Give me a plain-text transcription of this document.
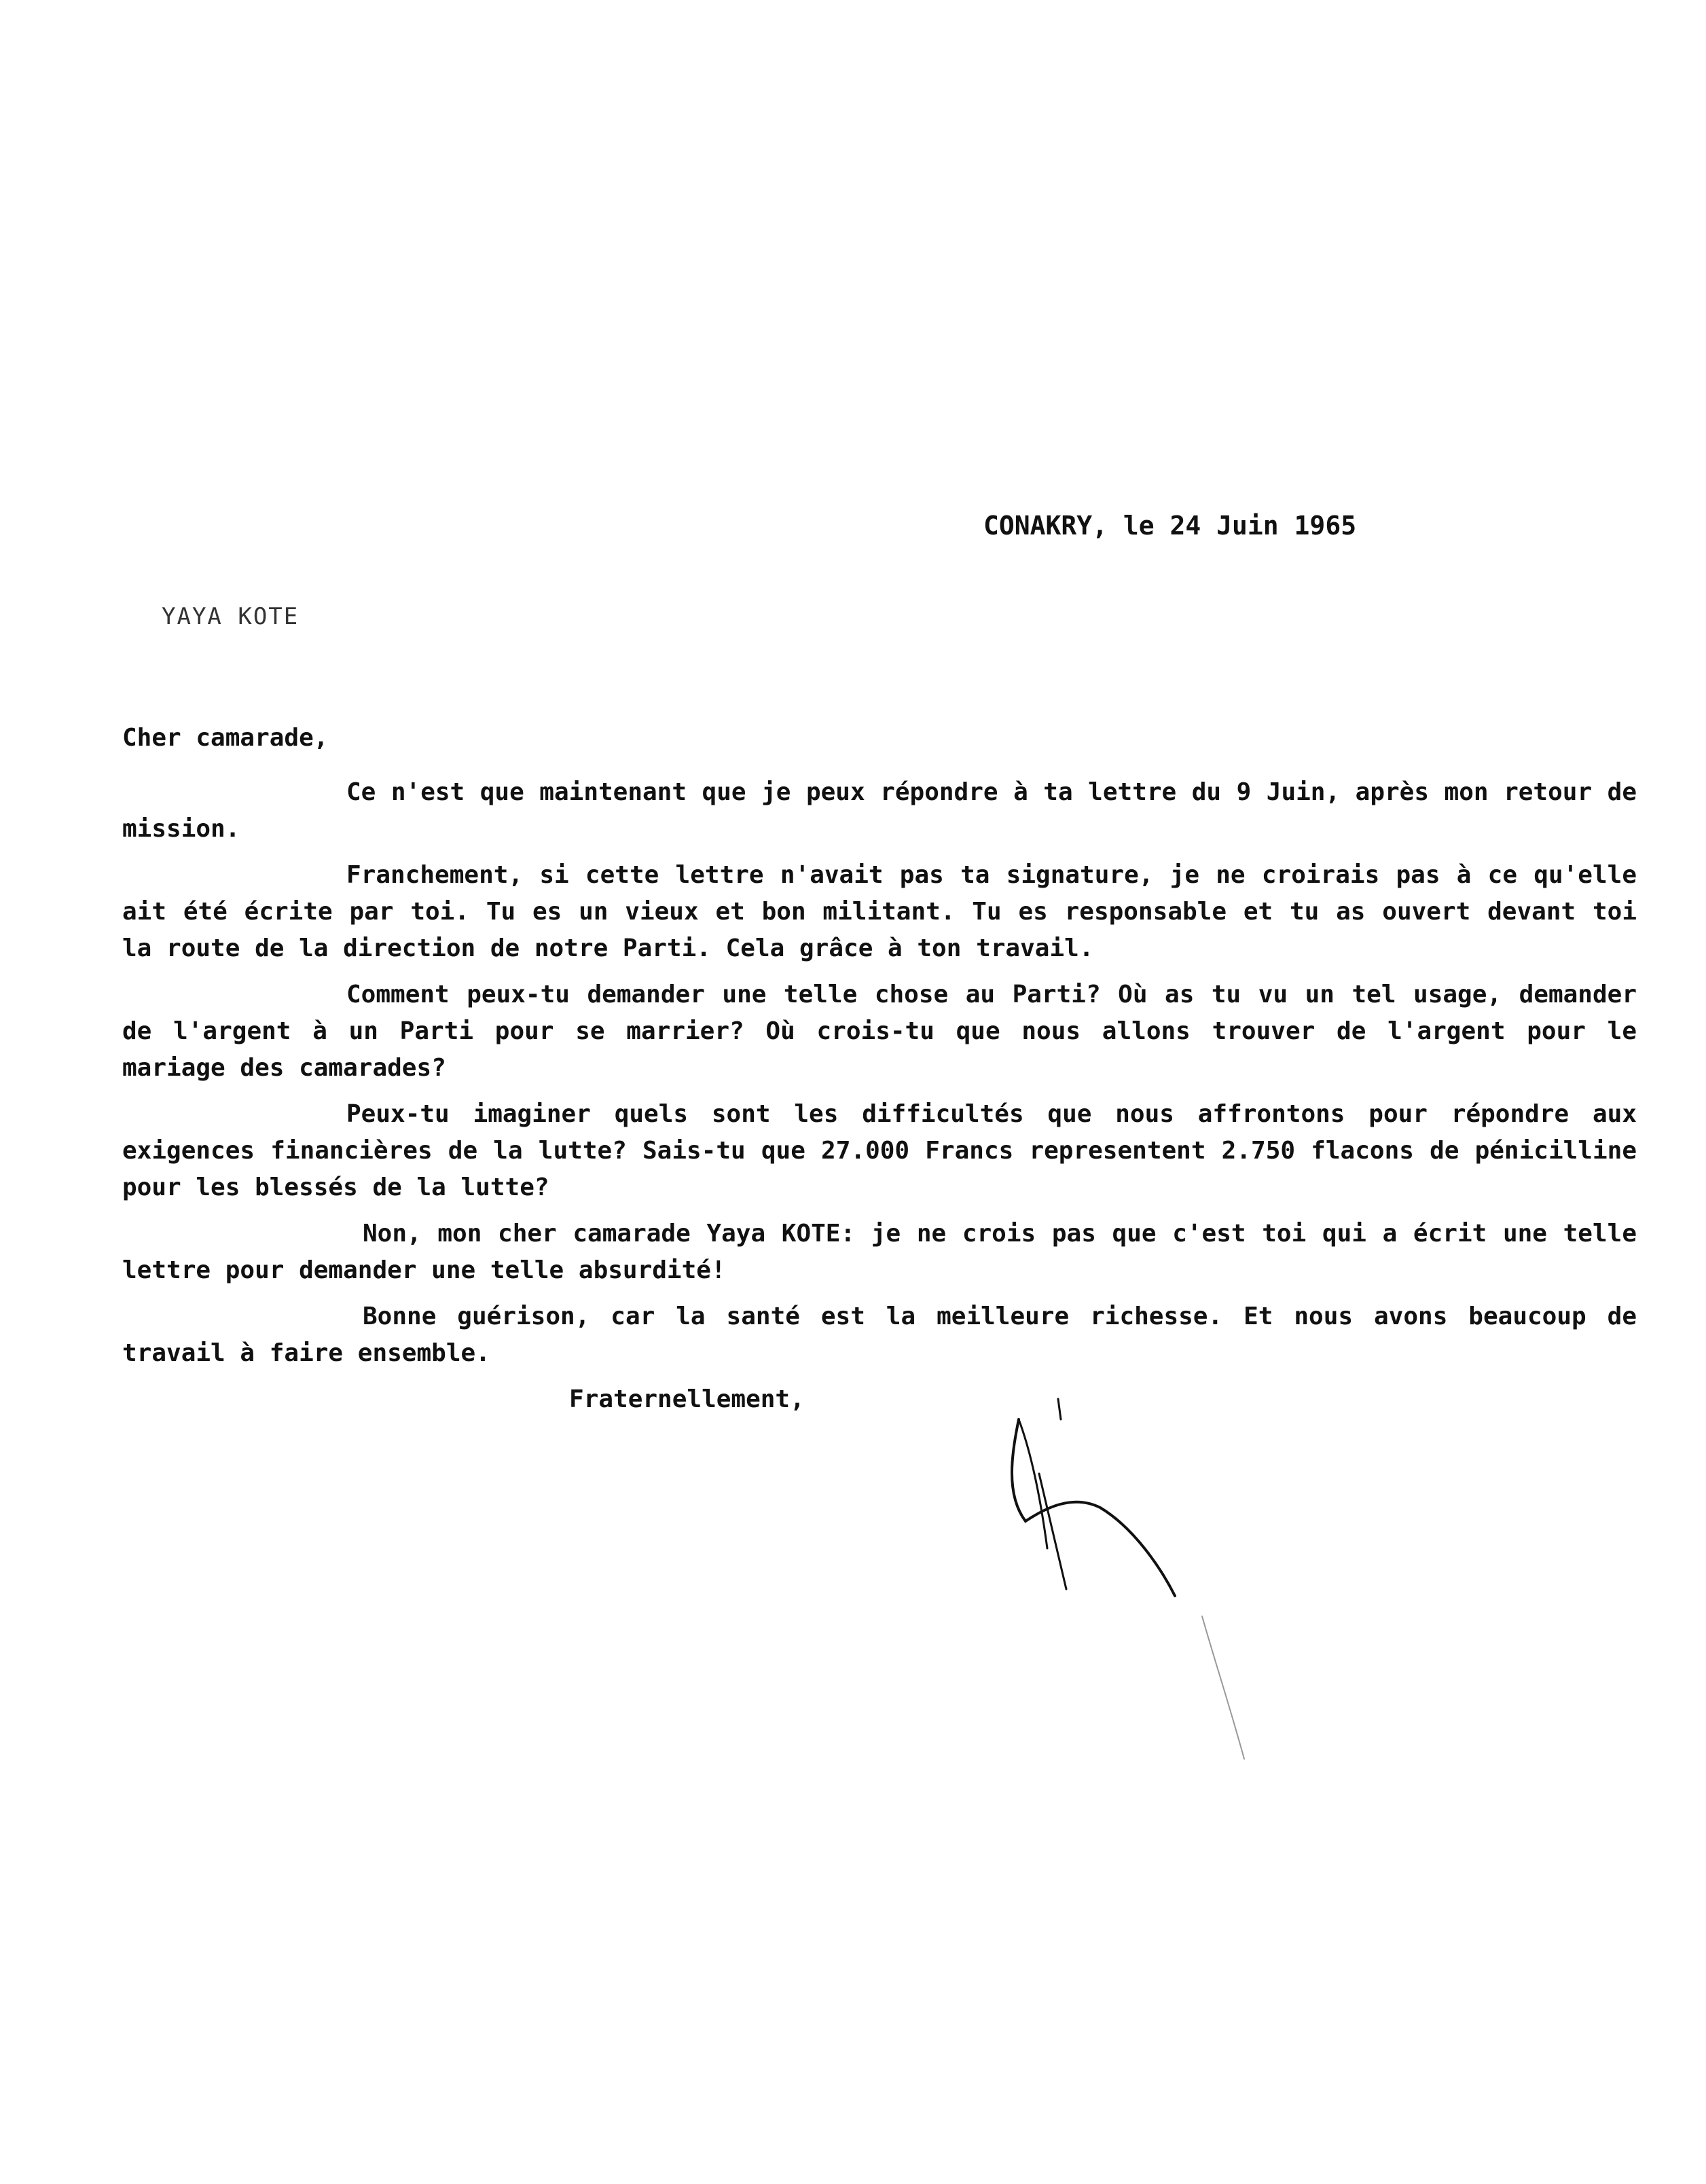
CONAKRY, le 24 Juin 1965
YAYA KOTE
Cher camarade,
Ce n'est que maintenant que je peux répondre à ta lettre du 9 Juin, après mon retour de mission.
Franchement, si cette lettre n'avait pas ta signature, je ne croirais pas à ce qu'elle ait été écrite par toi. Tu es un vieux et bon militant. Tu es responsable et tu as ouvert devant toi la route de la direction de notre Parti. Cela grâce à ton travail.
Comment peux-tu demander une telle chose au Parti? Où as tu vu un tel usage, demander de l'argent à un Parti pour se marrier? Où crois-tu que nous allons trouver de l'argent pour le mariage des camarades?
Peux-tu imaginer quels sont les difficultés que nous affrontons pour répondre aux exigences financières de la lutte? Sais-tu que 27.000 Francs representent 2.750 flacons de pénicilline pour les blessés de la lutte?
Non, mon cher camarade Yaya KOTE: je ne crois pas que c'est toi qui a écrit une telle lettre pour demander une telle absurdité!
Bonne guérison, car la santé est la meilleure richesse. Et nous avons beaucoup de travail à faire ensemble.
Fraternellement,
